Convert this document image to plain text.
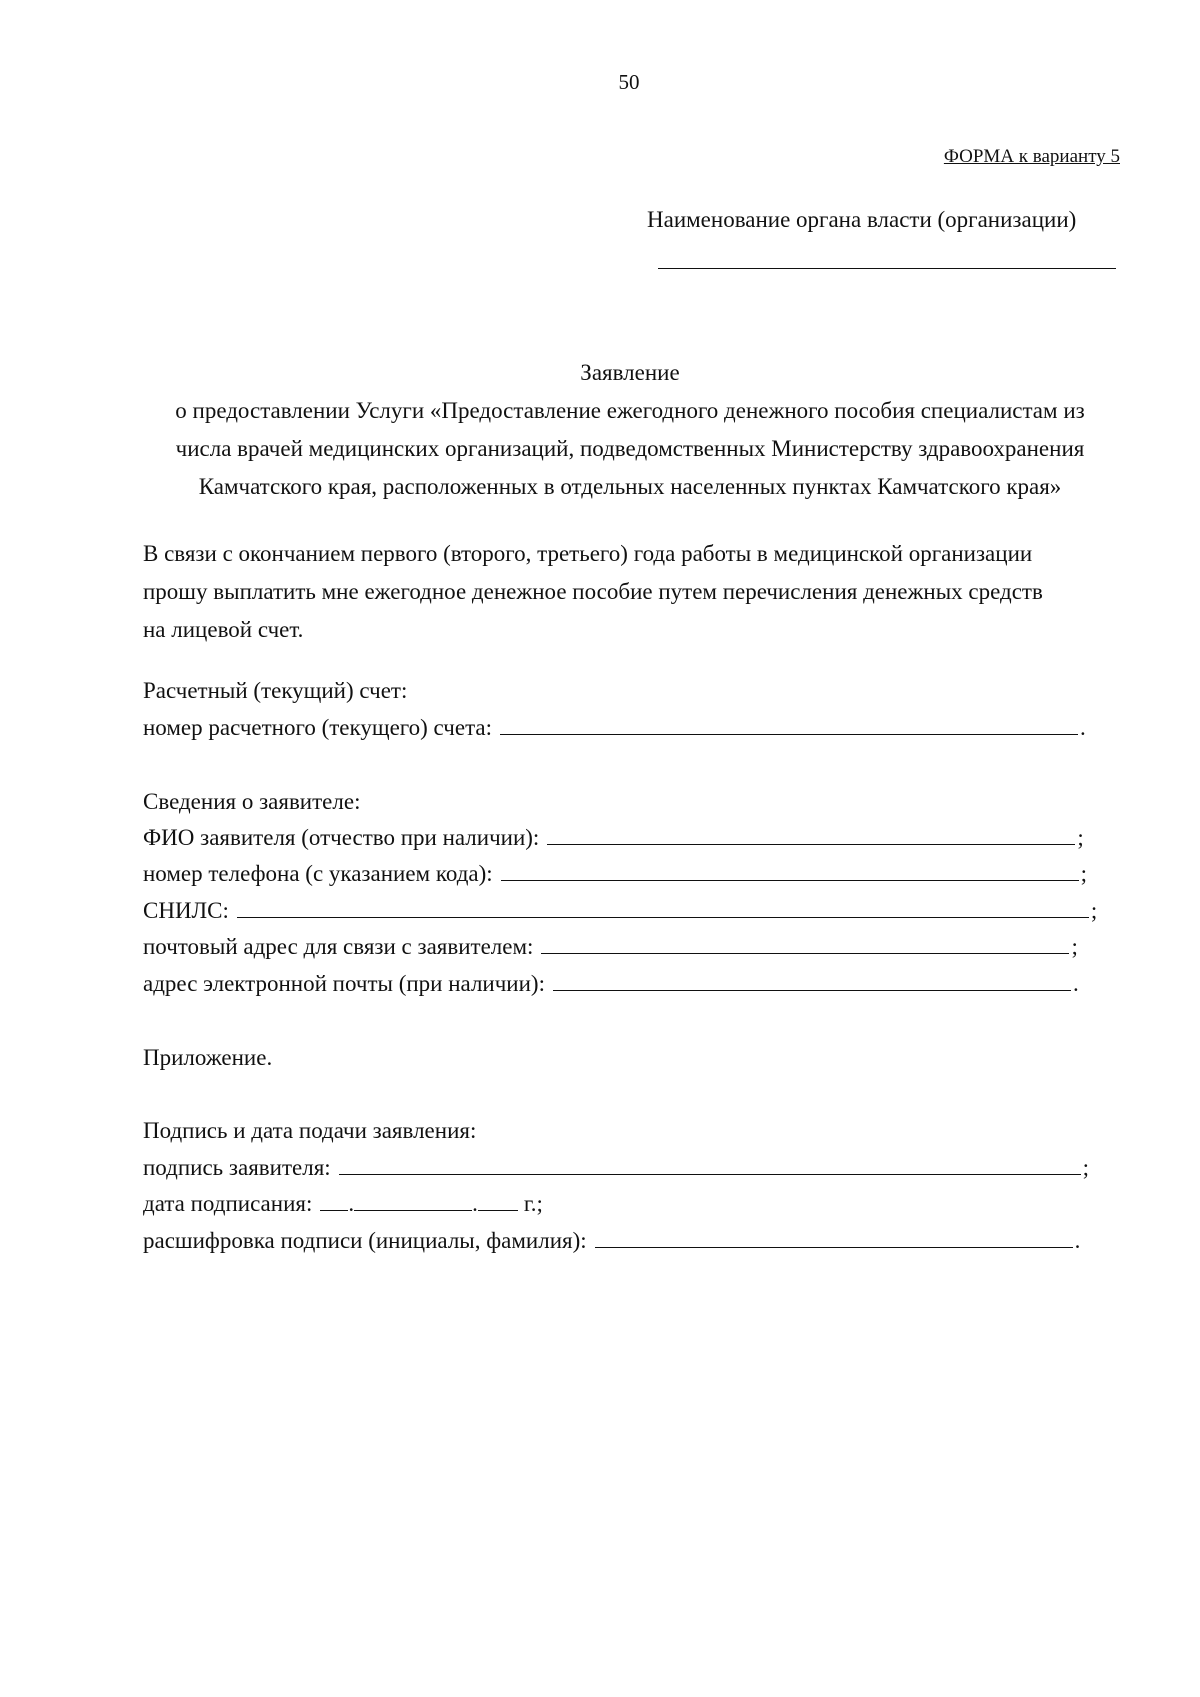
50
ФОРМА к варианту 5
Наименование органа власти (организации)
Заявление
о предоставлении Услуги «Предоставление ежегодного денежного пособия специалистам из
числа врачей медицинских организаций, подведомственных Министерству здравоохранения
Камчатского края, расположенных в отдельных населенных пунктах Камчатского края»
В связи с окончанием первого (второго, третьего) года работы в медицинской организации
прошу выплатить мне ежегодное денежное пособие путем перечисления денежных средств
на лицевой счет.
Расчетный (текущий) счет:
номер расчетного (текущего) счета:	.
Сведения о заявителе:
ФИО заявителя (отчество при наличии):	;
номер телефона (с указанием кода):	;
СНИЛС:	;
почтовый адрес для связи с заявителем:	;
адрес электронной почты (при наличии):	.
Приложение.
Подпись и дата подачи заявления:
подпись заявителя:	;
дата подписания: .	. г.;
расшифровка подписи (инициалы, фамилия):	.
